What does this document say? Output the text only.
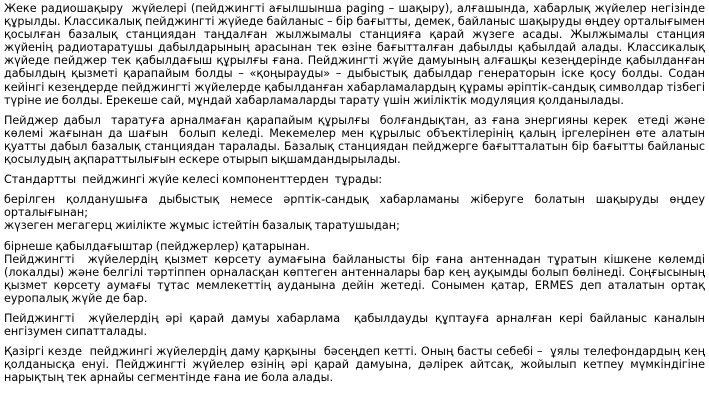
Жеке радиошақыру  жүйелері (пейджингті ағылшынша paging – шақыру), алғашында, хабарлық жүйелер негізінде құрылды. Классикалық пейджингті жүйеде байланыс – бір бағытты, демек, байланыс шақыруды өңдеу орталығымен қосылған базалық станциядан таңдалған жылжымалы станцияға қарай жүзеге асады. Жылжымалы станция жүйенің радиотаратушы дабылдарының арасынан тек өзіне бағытталған дабылды қабылдай алады. Классикалық жүйеде пейджер тек қабылдағыш құрылғы ғана. Пейджингті жүйе дамуының алғашқы кезеңдерінде қабылданған дабылдың қызметі қарапайым болды – «қоңырауды» – дыбыстық дабылдар генераторын іске қосу болды. Содан кейінгі кезеңдерде пейджингті жүйелерде қабылданған хабарламалардың құрамы әріптік-сандық символдар тізбегі түріне ие болды. Ерекеше сай, мұндай хабарламаларды тарату үшін жиіліктік модуляция қолданылады.

Пейджер дабыл  таратуға арналмаған қарапайым құрылғы  болғандықтан, аз ғана энергияны керек  етеді және көлемі жағынан да шағын  болып келеді. Мекемелер мен құрылыс объектілерінің қалың іргелерінен өте алатын қуатты дабыл базалық станциядан таралады. Базалық станциядан пейджерге бағытталатын бір бағытты байланыс қосылудың ақпараттылығын ескере отырып ықшамдандырылады.

Стандартты  пейджингі жүйе келесі компоненттерден  тұрады:

берілген қолданушыға дыбыстық немесе әрптік-сандық хабарламаны жіберуге болатын шақыруды өңдеу орталығынан;

жүзеген мегагерц жиілікте жұмыс істейтін базалық таратушыдан;

бірнеше қабылдағыштар (пейджерлер) қатарынан.

Пейджингті  жүйелердің қызмет көрсету аумағына байланысты бір ғана антеннадан тұратын кішкене көлемді (локалды) және белгілі тәртіппен орналасқан көптеген антенналары бар кең ауқымды болып бөлінеді. Соңғысының қызмет көрсету аумағы тұтас мемлекеттің ауданына дейін жетеді. Сонымен қатар, ERMES деп аталатын ортақ еуропалық жүйе де бар.

Пейджингті  жүйелердің әрі қарай дамуы хабарлама  қабылдауды құптауға арналған кері байланыс каналын енгізумен сипатталады.

Қазіргі кезде  пейджингі жүйелердің даму қарқыны  бәсеңдеп кетті. Оның басты себебі –  ұялы телефондардың кең қолданысқа енуі. Пейджингті жүйелер өзінің әрі қарай дамуына, дәлірек айтсақ, жойылып кетпеу мүмкіндігіне нарықтың тек арнайы сегментінде ғана ие бола алады.
